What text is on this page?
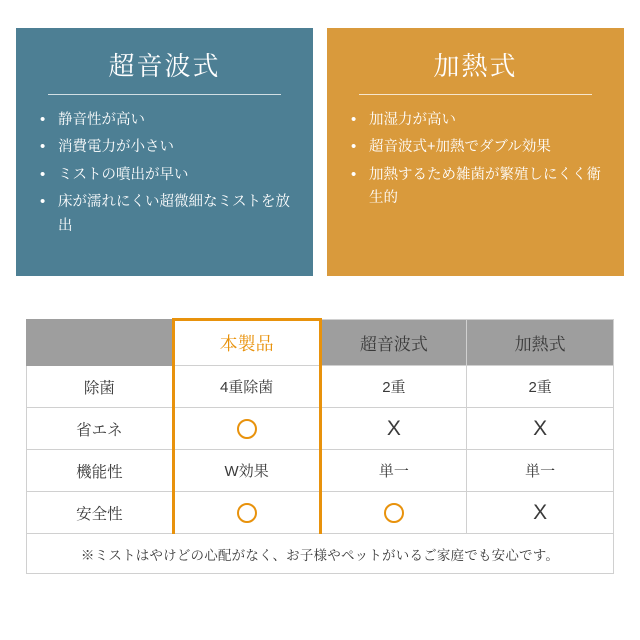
超音波式
• 静音性が高い
• 消費電力が小さい
• ミストの噴出が早い
• 床が濡れにくい超微細なミストを放出
加熱式
• 加湿力が高い
• 超音波式+加熱でダブル効果
• 加熱するため雑菌が繁殖しにくく衛生的
	本製品	超音波式	加熱式
除菌	4重除菌	2重	2重
省エネ		X	X
機能性	W効果	単一	単一
安全性			X
※ミストはやけどの心配がなく、お子様やペットがいるご家庭でも安心です。			
